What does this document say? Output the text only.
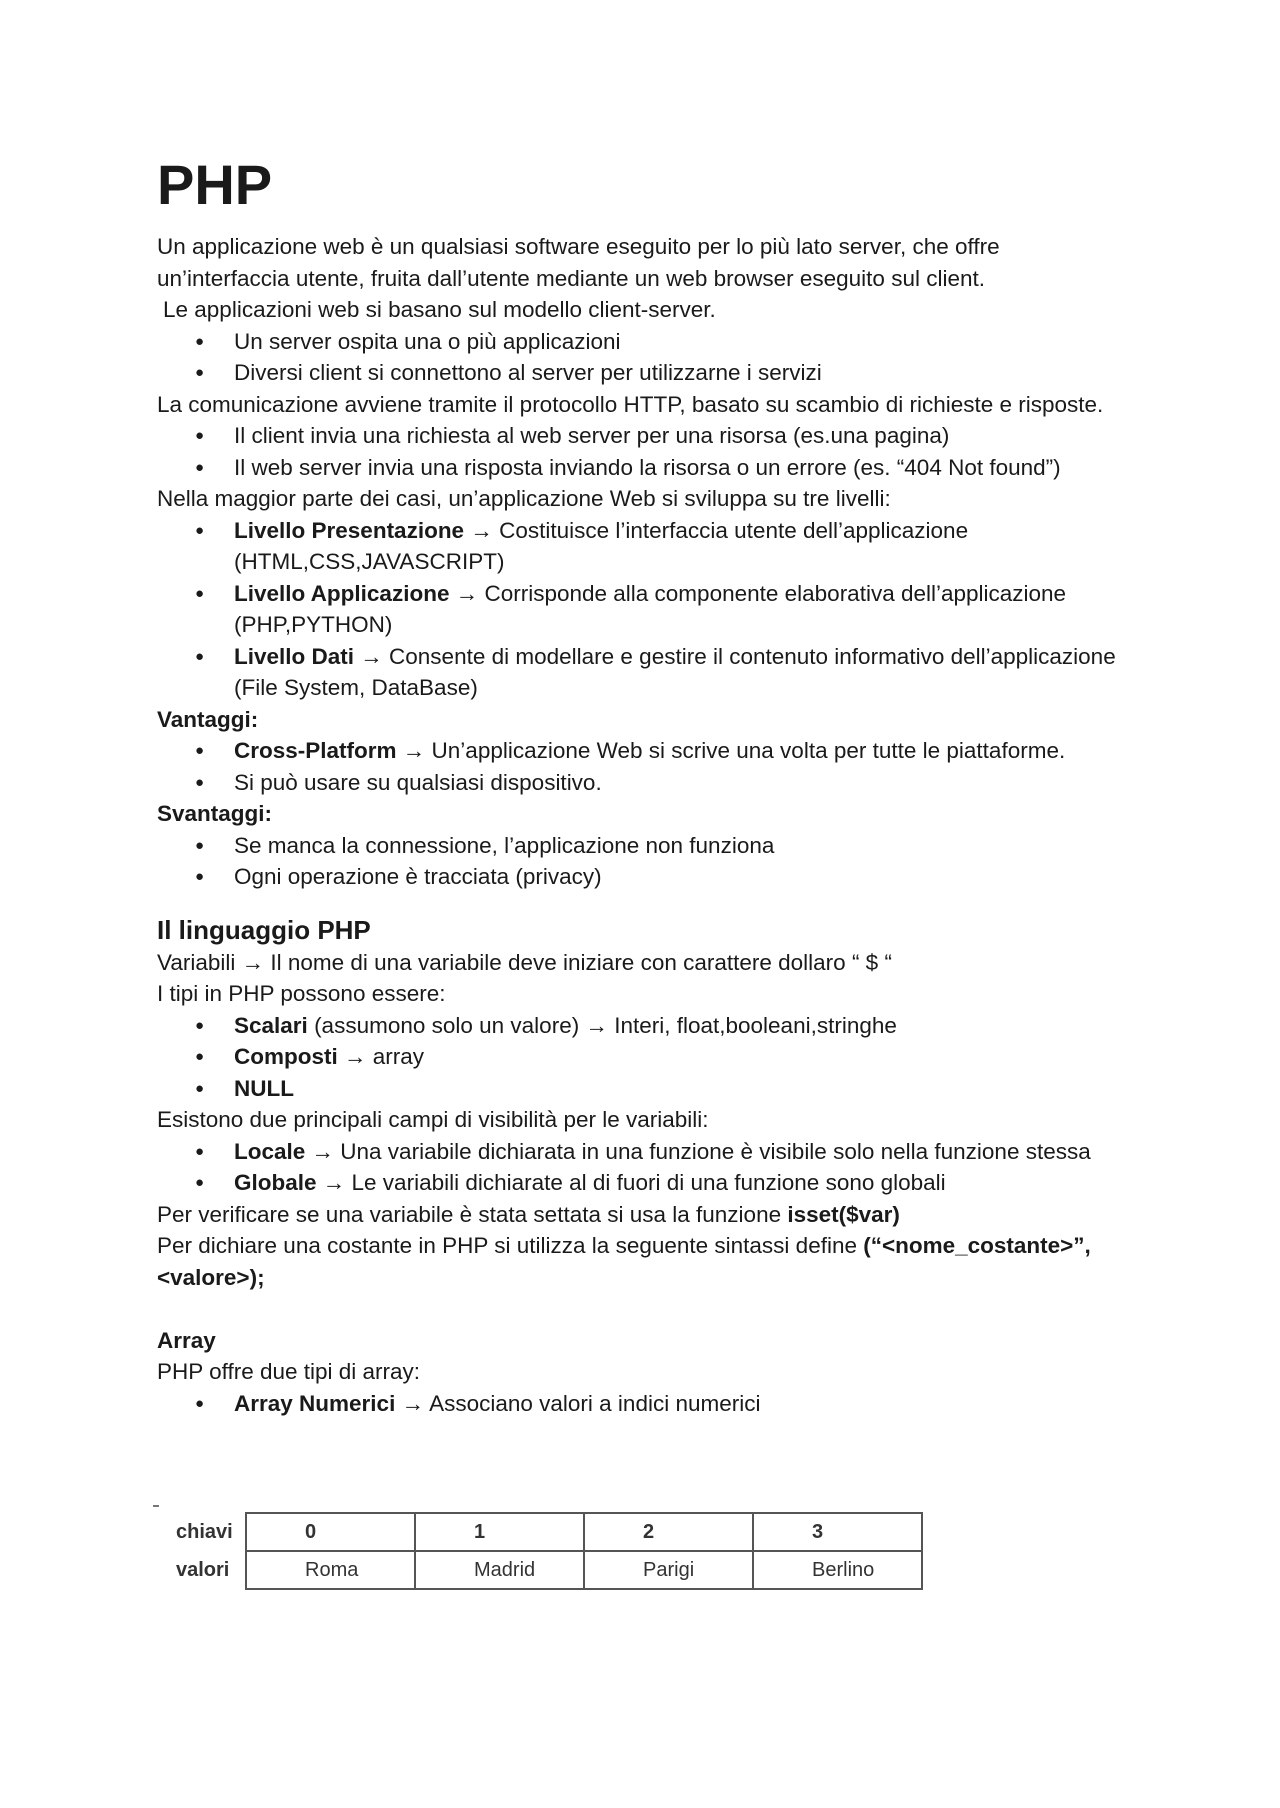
PHP

Un applicazione web è un qualsiasi software eseguito per lo più lato server, che offre un’interfaccia utente, fruita dall’utente mediante un web browser eseguito sul client.

Le applicazioni web si basano sul modello client-server.

● Un server ospita una o più applicazioni
● Diversi client si connettono al server per utilizzarne i servizi

La comunicazione avviene tramite il protocollo HTTP, basato su scambio di richieste e risposte.

● Il client invia una richiesta al web server per una risorsa (es.una pagina)
● Il web server invia una risposta inviando la risorsa o un errore (es. “404 Not found”)

Nella maggior parte dei casi, un’applicazione Web si sviluppa su tre livelli:

● Livello Presentazione → Costituisce l’interfaccia utente dell’applicazione (HTML,CSS,JAVASCRIPT)
● Livello Applicazione → Corrisponde alla componente elaborativa dell’applicazione (PHP,PYTHON)
● Livello Dati → Consente di modellare e gestire il contenuto informativo dell’applicazione (File System, DataBase)

Vantaggi:

● Cross-Platform → Un’applicazione Web si scrive una volta per tutte le piattaforme.
● Si può usare su qualsiasi dispositivo.

Svantaggi:

● Se manca la connessione, l’applicazione non funziona
● Ogni operazione è tracciata (privacy)
Il linguaggio PHP

Variabili → Il nome di una variabile deve iniziare con carattere dollaro “ $ “

I tipi in PHP possono essere:

● Scalari (assumono solo un valore) → Interi, float,booleani,stringhe
● Composti → array
● NULL

Esistono due principali campi di visibilità per le variabili:

● Locale → Una variabile dichiarata in una funzione è visibile solo nella funzione stessa
● Globale → Le variabili dichiarate al di fuori di una funzione sono globali

Per verificare se una variabile è stata settata si usa la funzione isset($var)

Per dichiare una costante in PHP si utilizza la seguente sintassi define (“<nome_costante>”,<valore>);

Array

PHP offre due tipi di array:

● Array Numerici → Associano valori a indici numerici
chiavi	0	1	2	3
valori	Roma	Madrid	Parigi	Berlino
